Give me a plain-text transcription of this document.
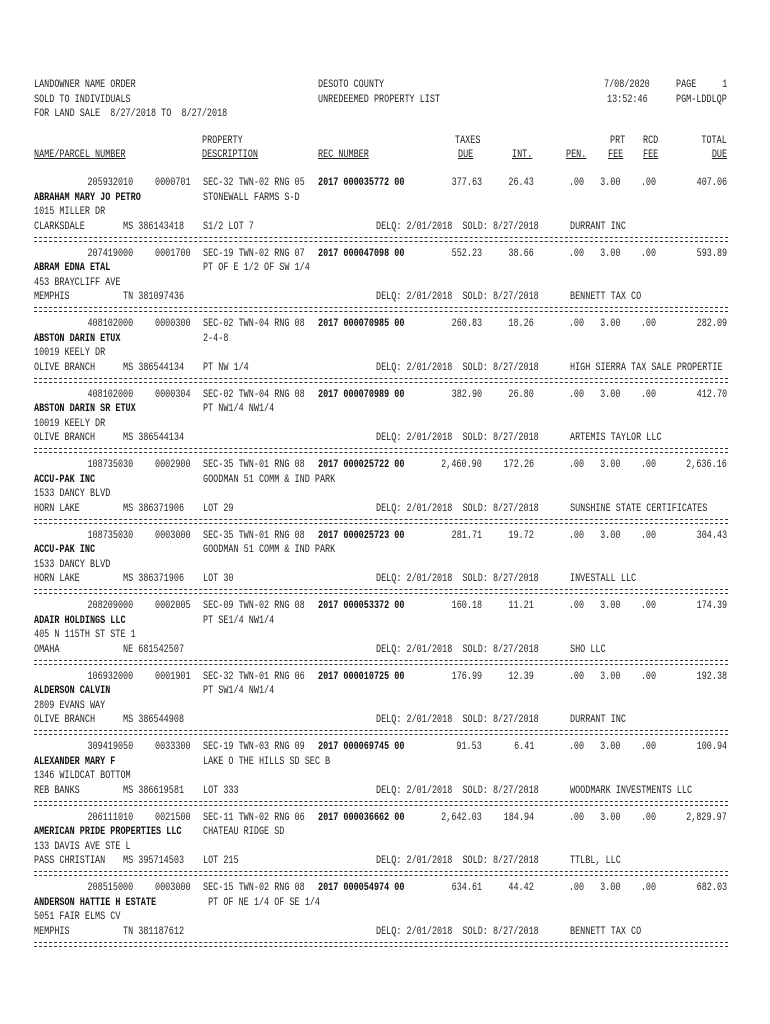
LANDOWNER NAME ORDER
SOLD TO INDIVIDUALS
FOR LAND SALE  8/27/2018 TO  8/27/2018
DESOTO COUNTY
UNREDEEMED PROPERTY LIST
7/08/2020
13:52:46
PAGE 1
PGM-LDDLQP
PROPERTY	TAXES	PRT RCD	TOTAL
NAME/PARCEL NUMBER	DESCRIPTION	REC NUMBER	DUE	INT.	PEN. FEE FEE	DUE
205932010 0000701 SEC-32 TWN-02 RNG 05 2017 000035772 00	377.63	26.43	.00 3.00 .00	407.06
ABRAHAM MARY JO PETRO	STONEWALL FARMS S-D
1015 MILLER DR
CLARKSDALE	MS 386143418 S1/2 LOT 7	DELQ: 2/01/2018  SOLD: 8/27/2018	DURRANT INC
207419000 0001700 SEC-19 TWN-02 RNG 07 2017 000047098 00	552.23	38.66	.00 3.00 .00	593.89
ABRAM EDNA ETAL	PT OF E 1/2 OF SW 1/4
453 BRAYCLIFF AVE
MEMPHIS	TN 381097436	DELQ: 2/01/2018  SOLD: 8/27/2018	BENNETT TAX CO
408102000 0000300 SEC-02 TWN-04 RNG 08 2017 000070985 00	260.83	18.26	.00 3.00 .00	282.09
ABSTON DARIN ETUX	2-4-8
10019 KEELY DR
OLIVE BRANCH	MS 386544134 PT NW 1/4	DELQ: 2/01/2018  SOLD: 8/27/2018	HIGH SIERRA TAX SALE PROPERTIE
408102000 0000304 SEC-02 TWN-04 RNG 08 2017 000070989 00	382.90	26.80	.00 3.00 .00	412.70
ABSTON DARIN SR ETUX	PT NW1/4 NW1/4
10019 KEELY DR
OLIVE BRANCH	MS 386544134	DELQ: 2/01/2018  SOLD: 8/27/2018	ARTEMIS TAYLOR LLC
108735030 0002900 SEC-35 TWN-01 RNG 08 2017 000025722 00	2,460.90 172.26	.00 3.00 .00	2,636.16
ACCU-PAK INC	GOODMAN 51 COMM & IND PARK
1533 DANCY BLVD
HORN LAKE	MS 386371906 LOT 29	DELQ: 2/01/2018  SOLD: 8/27/2018	SUNSHINE STATE CERTIFICATES
108735030 0003000 SEC-35 TWN-01 RNG 08 2017 000025723 00	281.71	19.72	.00 3.00 .00	304.43
ACCU-PAK INC	GOODMAN 51 COMM & IND PARK
1533 DANCY BLVD
HORN LAKE	MS 386371906 LOT 30	DELQ: 2/01/2018  SOLD: 8/27/2018	INVESTALL LLC
208209000 0002005 SEC-09 TWN-02 RNG 08 2017 000053372 00	160.18	11.21	.00 3.00 .00	174.39
ADAIR HOLDINGS LLC	PT SE1/4 NW1/4
405 N 115TH ST STE 1
OMAHA	NE 681542507	DELQ: 2/01/2018  SOLD: 8/27/2018	SHO LLC
106932000 0001901 SEC-32 TWN-01 RNG 06 2017 000010725 00	176.99	12.39	.00 3.00 .00	192.38
ALDERSON CALVIN	PT SW1/4 NW1/4
2809 EVANS WAY
OLIVE BRANCH	MS 386544908	DELQ: 2/01/2018  SOLD: 8/27/2018	DURRANT INC
309419050 0033300 SEC-19 TWN-03 RNG 09 2017 000069745 00	91.53	6.41	.00 3.00 .00	100.94
ALEXANDER MARY F	LAKE O THE HILLS SD SEC B
1346 WILDCAT BOTTOM
REB BANKS	MS 386619581 LOT 333	DELQ: 2/01/2018  SOLD: 8/27/2018	WOODMARK INVESTMENTS LLC
206111010 0021500 SEC-11 TWN-02 RNG 06 2017 000036662 00	2,642.03 184.94	.00 3.00 .00	2,829.97
AMERICAN PRIDE PROPERTIES LLC CHATEAU RIDGE SD
133 DAVIS AVE STE L
PASS CHRISTIAN MS 395714503 LOT 215	DELQ: 2/01/2018  SOLD: 8/27/2018	TTLBL, LLC
208515000 0003000 SEC-15 TWN-02 RNG 08 2017 000054974 00	634.61	44.42	.00 3.00 .00	682.03
ANDERSON HATTIE H ESTATE	PT OF NE 1/4 OF SE 1/4
5051 FAIR ELMS CV
MEMPHIS	TN 381187612	DELQ: 2/01/2018  SOLD: 8/27/2018	BENNETT TAX CO
